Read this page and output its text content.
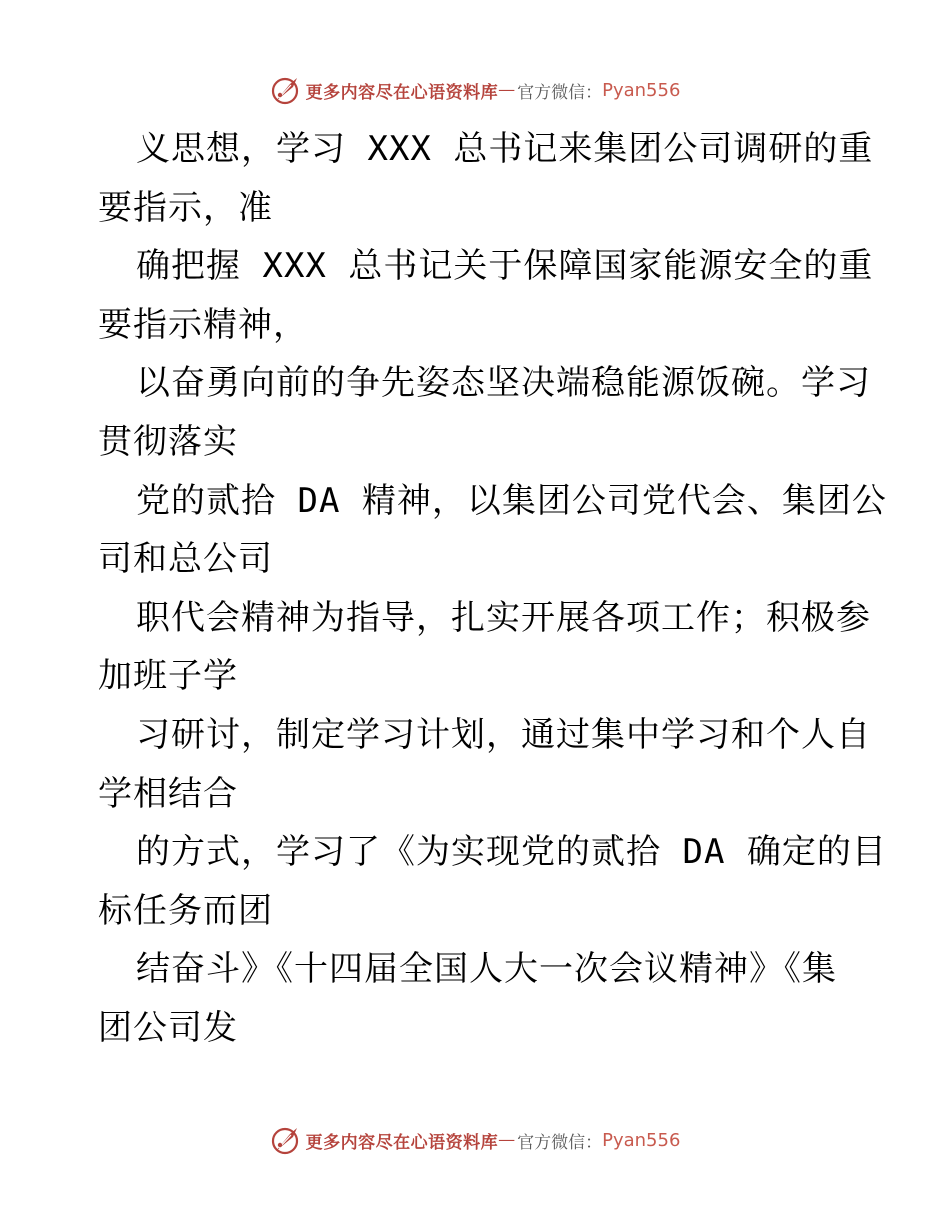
更多内容尽在心语资料库 — 官方微信： Pyan556
义思想，学习 XXX 总书记来集团公司调研的重
要指示，准
确把握 XXX 总书记关于保障国家能源安全的重
要指示精神，
以奋勇向前的争先姿态坚决端稳能源饭碗。学习
贯彻落实
党的贰拾 DA 精神，以集团公司党代会、集团公
司和总公司
职代会精神为指导，扎实开展各项工作；积极参
加班子学
习研讨，制定学习计划，通过集中学习和个人自
学相结合
的方式，学习了《为实现党的贰拾 DA 确定的目
标任务而团
结奋斗》《十四届全国人大一次会议精神》《集
团公司发
更多内容尽在心语资料库 — 官方微信： Pyan556
